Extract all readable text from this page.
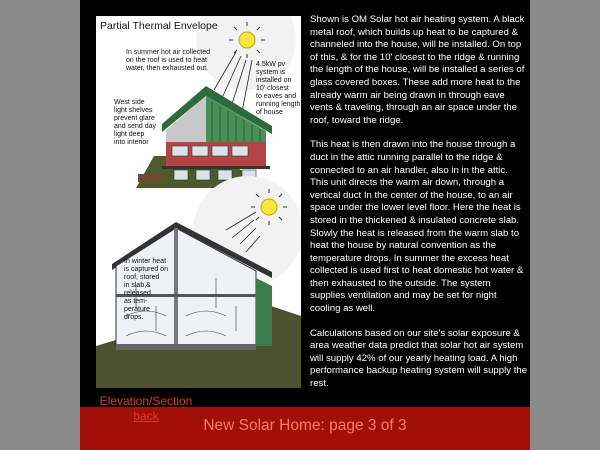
In summer hot air collected on the roof is used to heat water, then exhausted out.
4.5kW pv system is installed on 10' closest to eaves and running length of house
West side light shelves prevent glare and send day light deep into interior
In winter heat is captured on roof, stored in slab,& released as tem- perature drops.
Partial Thermal Envelope

Shown is OM Solar hot air heating system. A black metal roof, which builds up heat to be captured & channeled into the house, will be installed. On top of this, & for the 10' closest to the ridge & running the length of the house, will be installed a series of glass covered boxes. These add more heat to the already warm air being drawn in through eave vents & traveling, through an air space under the roof, toward the ridge.

This heat is then drawn into the house through a duct in the attic running parallel to the ridge & connected to an air handler, also in in the attic. This unit directs the warm air down, through a vertical duct In the center of the house, to an air space under the lower level floor. Here the heat is stored in the thickened & insulated concrete slab. Slowly the heat is released from the warm slab to heat the house by natural convention as the temperature drops. In summer the excess heat collected is used first to heat domestic hot water & then exhausted to the outside. The system supplies ventilation and may be set for night cooling as well.

Calculations based on our site's solar exposure & area weather data predict that solar hot air system will supply 42% of our yearly heating load. A high performance backup heating system will supply the rest.

New Solar Home: page 3 of 3
Elevation/Section
back
